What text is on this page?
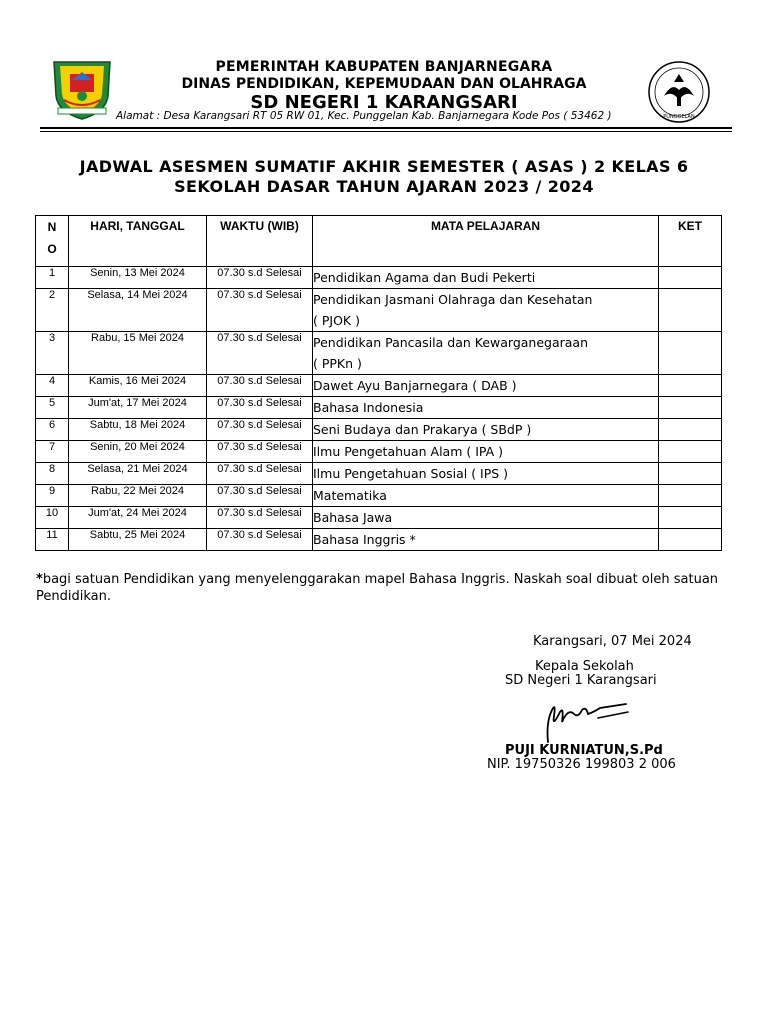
PEMERINTAH KABUPATEN BANJARNEGARA
DINAS PENDIDIKAN, KEPEMUDAAN DAN OLAHRAGA
SD NEGERI 1 KARANGSARI
Alamat : Desa Karangsari RT 05 RW 01, Kec. Punggelan Kab. Banjarnegara Kode Pos ( 53462 )	PUNGGELAN
JADWAL ASESMEN SUMATIF AKHIR SEMESTER ( ASAS ) 2 KELAS 6
SEKOLAH DASAR TAHUN AJARAN 2023 / 2024
N
O	HARI, TANGGAL	WAKTU (WIB)	MATA PELAJARAN	KET
1	Senin, 13 Mei 2024	07.30 s.d Selesai	Pendidikan Agama dan Budi Pekerti	
2	Selasa, 14 Mei 2024	07.30 s.d Selesai	Pendidikan Jasmani Olahraga dan Kesehatan
( PJOK )	
3	Rabu, 15 Mei 2024	07.30 s.d Selesai	Pendidikan Pancasila dan Kewarganegaraan
( PPKn )	
4	Kamis, 16 Mei 2024	07.30 s.d Selesai	Dawet Ayu Banjarnegara ( DAB )	
5	Jum'at, 17 Mei 2024	07.30 s.d Selesai	Bahasa Indonesia	
6	Sabtu, 18 Mei 2024	07.30 s.d Selesai	Seni Budaya dan Prakarya ( SBdP )	
7	Senin, 20 Mei 2024	07.30 s.d Selesai	Ilmu Pengetahuan Alam ( IPA )	
8	Selasa, 21 Mei 2024	07.30 s.d Selesai	Ilmu Pengetahuan Sosial ( IPS )	
9	Rabu, 22 Mei 2024	07.30 s.d Selesai	Matematika	
10	Jum'at, 24 Mei 2024	07.30 s.d Selesai	Bahasa Jawa	
11	Sabtu, 25 Mei 2024	07.30 s.d Selesai	Bahasa Inggris *	
*bagi satuan Pendidikan yang menyelenggarakan mapel Bahasa Inggris. Naskah soal dibuat oleh satuan Pendidikan.
Karangsari, 07 Mei 2024
Kepala Sekolah
SD Negeri 1 Karangsari
PUJI KURNIATUN,S.Pd
NIP. 19750326 199803 2 006
